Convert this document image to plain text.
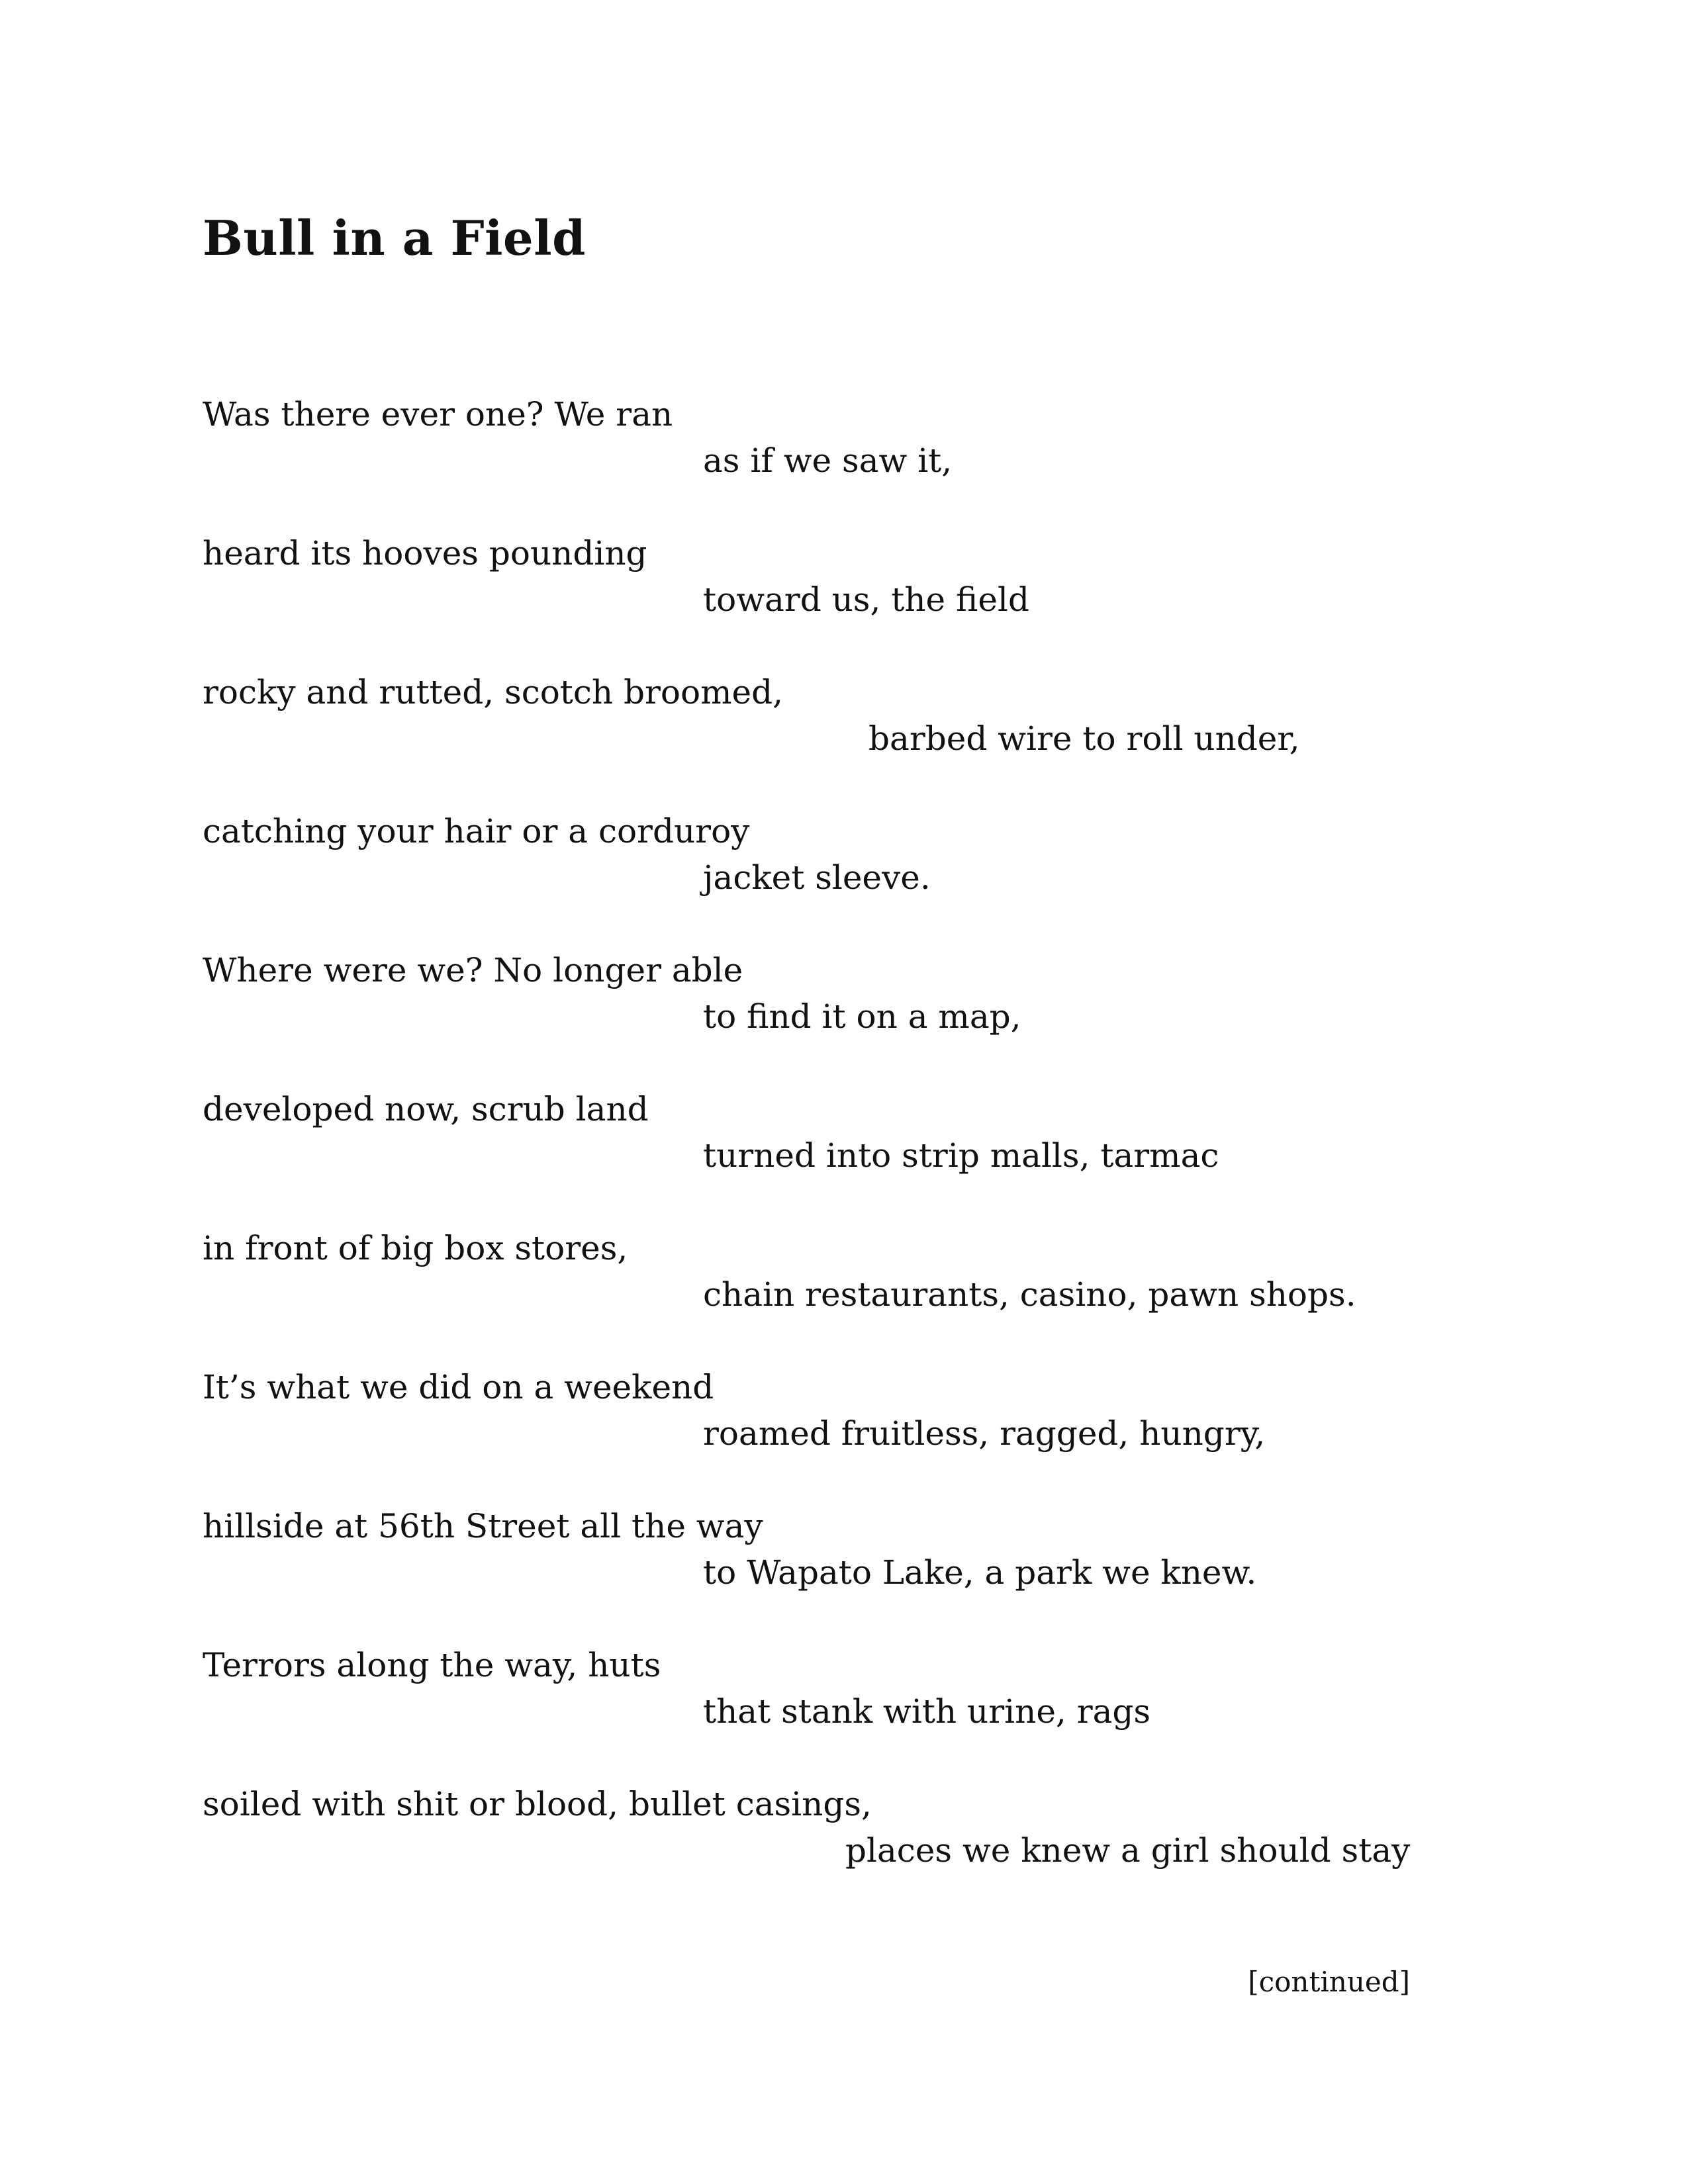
Bull in a Field

Was there ever one? We ran

as if we saw it,

heard its hooves pounding

toward us, the field

rocky and rutted, scotch broomed,

barbed wire to roll under,

catching your hair or a corduroy

jacket sleeve.

Where were we? No longer able

to find it on a map,

developed now, scrub land

turned into strip malls, tarmac

in front of big box stores,

chain restaurants, casino, pawn shops.

It’s what we did on a weekend

roamed fruitless, ragged, hungry,

hillside at 56th Street all the way

to Wapato Lake, a park we knew.

Terrors along the way, huts

that stank with urine, rags

soiled with shit or blood, bullet casings,

places we knew a girl should stay

[continued]
